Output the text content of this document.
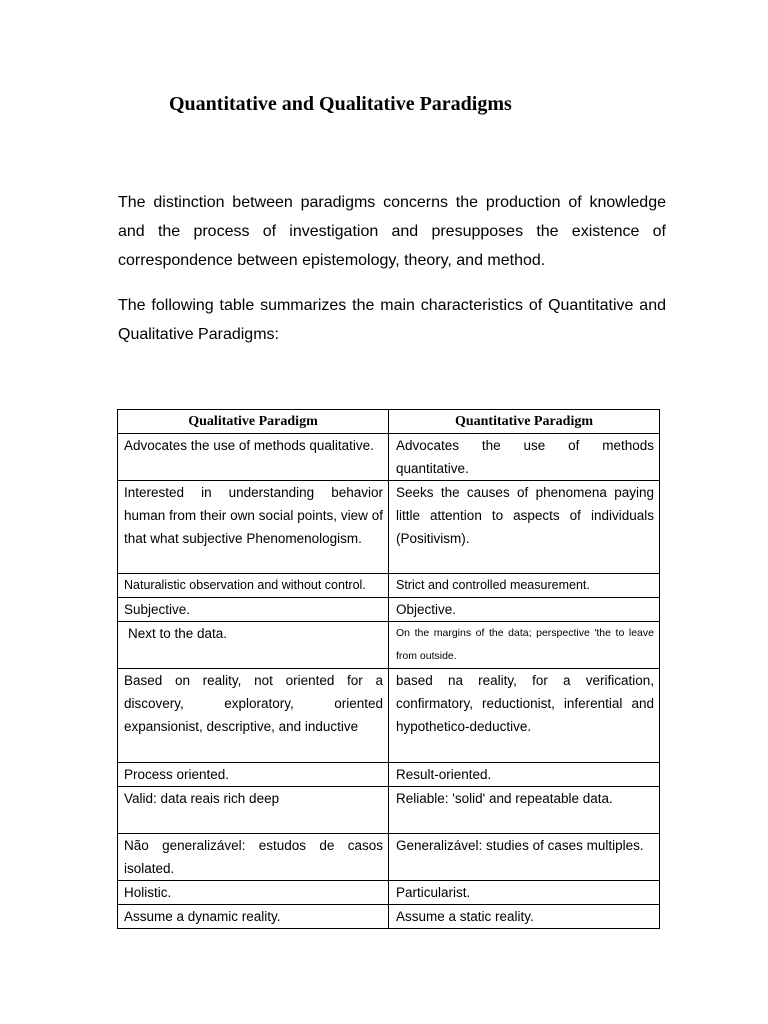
Quantitative and Qualitative Paradigms

The distinction between paradigms concerns the production of knowledge and the process of investigation and presupposes the existence of correspondence between epistemology, theory, and method.

The following table summarizes the main characteristics of Quantitative and Qualitative Paradigms:

Qualitative Paradigm	Quantitative Paradigm

Advocates the use of methods qualitative.	Advocates the use of methods quantitative.

Interested in understanding behavior human from their own social points, view of that what subjective Phenomenologism.	Seeks the causes of phenomena paying little attention to aspects of individuals (Positivism).

Naturalistic observation and without control.	Strict and controlled measurement.

Subjective.	Objective.

Next to the data.	On the margins of the data; perspective 'the to leave from outside.

Based on reality, not oriented for a discovery, exploratory, oriented expansionist, descriptive, and inductive	based na reality, for a verification, confirmatory, reductionist, inferential and hypothetico-deductive.

Process oriented.	Result-oriented.

Valid: data reais rich deep	Reliable: 'solid' and repeatable data.

Não generalizável: estudos de casos isolated.	Generalizável: studies of cases multiples.

Holistic.	Particularist.

Assume a dynamic reality.	Assume a static reality.
